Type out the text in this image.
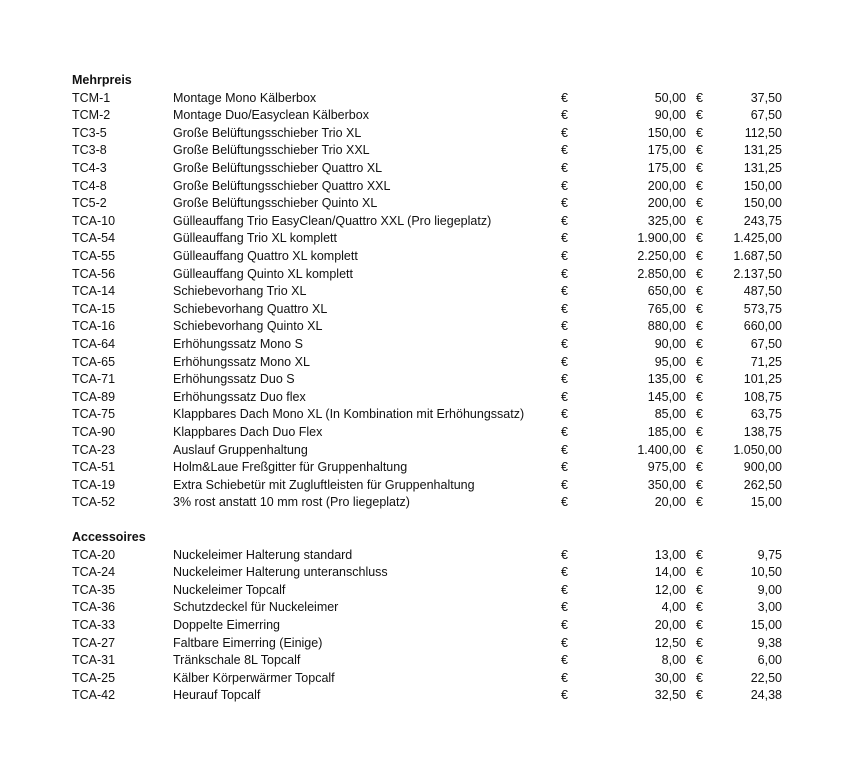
Mehrpreis
TCM-1	Montage Mono Kälberbox	€	50,00 €	37,50
TCM-2	Montage Duo/Easyclean Kälberbox	€	90,00 €	67,50
TC3-5	Große Belüftungsschieber Trio XL	€	150,00 €	112,50
TC3-8	Große Belüftungsschieber Trio XXL	€	175,00 €	131,25
TC4-3	Große Belüftungsschieber Quattro XL	€	175,00 €	131,25
TC4-8	Große Belüftungsschieber Quattro XXL	€	200,00 €	150,00
TC5-2	Große Belüftungsschieber Quinto XL	€	200,00 €	150,00
TCA-10	Gülleauffang Trio EasyClean/Quattro XXL (Pro liegeplatz)	€	325,00 €	243,75
TCA-54	Gülleauffang Trio XL komplett	€	1.900,00 € 1.425,00
TCA-55	Gülleauffang Quattro XL komplett	€	2.250,00 € 1.687,50
TCA-56	Gülleauffang Quinto XL komplett	€	2.850,00 € 2.137,50
TCA-14	Schiebevorhang Trio XL	€	650,00 €	487,50
TCA-15	Schiebevorhang Quattro XL	€	765,00 €	573,75
TCA-16	Schiebevorhang Quinto XL	€	880,00 €	660,00
TCA-64	Erhöhungssatz Mono S	€	90,00 €	67,50
TCA-65	Erhöhungssatz Mono XL	€	95,00 €	71,25
TCA-71	Erhöhungssatz Duo S	€	135,00 €	101,25
TCA-89	Erhöhungssatz Duo flex	€	145,00 €	108,75
TCA-75	Klappbares Dach Mono XL (In Kombination mit Erhöhungssatz)	€	85,00 €	63,75
TCA-90	Klappbares Dach Duo Flex	€	185,00 €	138,75
TCA-23	Auslauf Gruppenhaltung	€	1.400,00 € 1.050,00
TCA-51	Holm&Laue Freßgitter für Gruppenhaltung	€	975,00 €	900,00
TCA-19	Extra Schiebetür mit Zugluftleisten für Gruppenhaltung	€	350,00 €	262,50
TCA-52	3% rost anstatt 10 mm rost (Pro liegeplatz)	€	20,00 €	15,00
Accessoires
TCA-20	Nuckeleimer Halterung standard	€	13,00 €	9,75
TCA-24	Nuckeleimer Halterung unteranschluss	€	14,00 €	10,50
TCA-35	Nuckeleimer Topcalf	€	12,00 €	9,00
TCA-36	Schutzdeckel für Nuckeleimer	€	4,00 €	3,00
TCA-33	Doppelte Eimerring	€	20,00 €	15,00
TCA-27	Faltbare Eimerring (Einige)	€	12,50 €	9,38
TCA-31	Tränkschale 8L Topcalf	€	8,00 €	6,00
TCA-25	Kälber Körperwärmer Topcalf	€	30,00 €	22,50
TCA-42	Heurauf Topcalf	€	32,50 €	24,38
